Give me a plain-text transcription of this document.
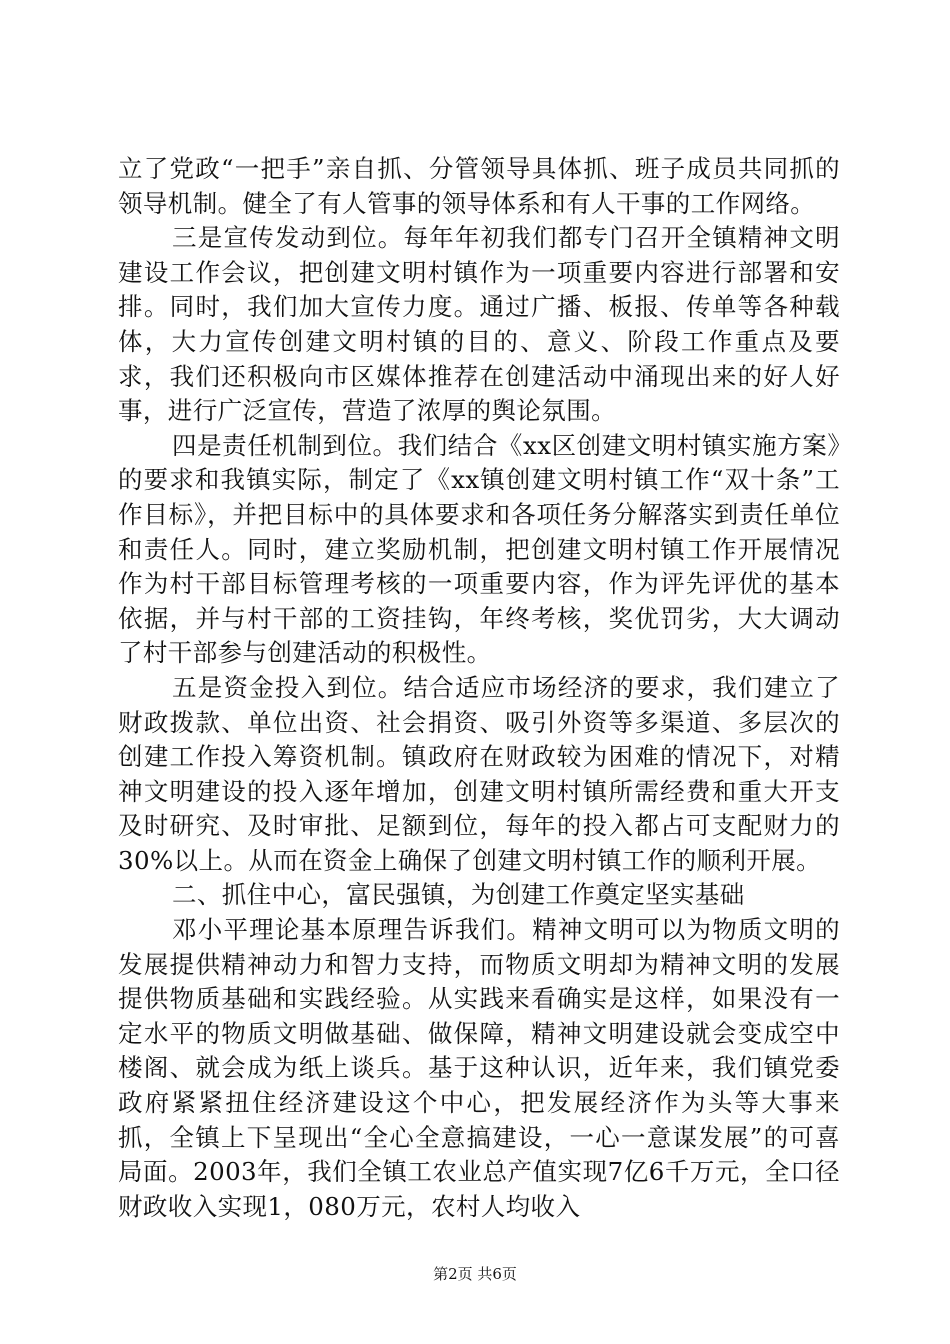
立了党政“一把手”亲自抓、分管领导具体抓、班子成员共同抓的领导机制。健全了有人管事的领导体系和有人干事的工作网络。

三是宣传发动到位。每年年初我们都专门召开全镇精神文明建设工作会议，把创建文明村镇作为一项重要内容进行部署和安排。同时，我们加大宣传力度。通过广播、板报、传单等各种载体，大力宣传创建文明村镇的目的、意义、阶段工作重点及要求，我们还积极向市区媒体推荐在创建活动中涌现出来的好人好事，进行广泛宣传，营造了浓厚的舆论氛围。

四是责任机制到位。我们结合《xx区创建文明村镇实施方案》的要求和我镇实际，制定了《xx镇创建文明村镇工作“双十条”工作目标》，并把目标中的具体要求和各项任务分解落实到责任单位和责任人。同时，建立奖励机制，把创建文明村镇工作开展情况作为村干部目标管理考核的一项重要内容，作为评先评优的基本依据，并与村干部的工资挂钩，年终考核，奖优罚劣，大大调动了村干部参与创建活动的积极性。

五是资金投入到位。结合适应市场经济的要求，我们建立了财政拨款、单位出资、社会捐资、吸引外资等多渠道、多层次的创建工作投入筹资机制。镇政府在财政较为困难的情况下，对精神文明建设的投入逐年增加，创建文明村镇所需经费和重大开支及时研究、及时审批、足额到位，每年的投入都占可支配财力的30%以上。从而在资金上确保了创建文明村镇工作的顺利开展。

二、抓住中心，富民强镇，为创建工作奠定坚实基础

邓小平理论基本原理告诉我们。精神文明可以为物质文明的发展提供精神动力和智力支持，而物质文明却为精神文明的发展提供物质基础和实践经验。从实践来看确实是这样，如果没有一定水平的物质文明做基础、做保障，精神文明建设就会变成空中楼阁、就会成为纸上谈兵。基于这种认识，近年来，我们镇党委政府紧紧扭住经济建设这个中心，把发展经济作为头等大事来抓，全镇上下呈现出“全心全意搞建设，一心一意谋发展”的可喜局面。2003年，我们全镇工农业总产值实现7亿6千万元，全口径财政收入实现1，080万元，农村人均收入

第2页 共6页
